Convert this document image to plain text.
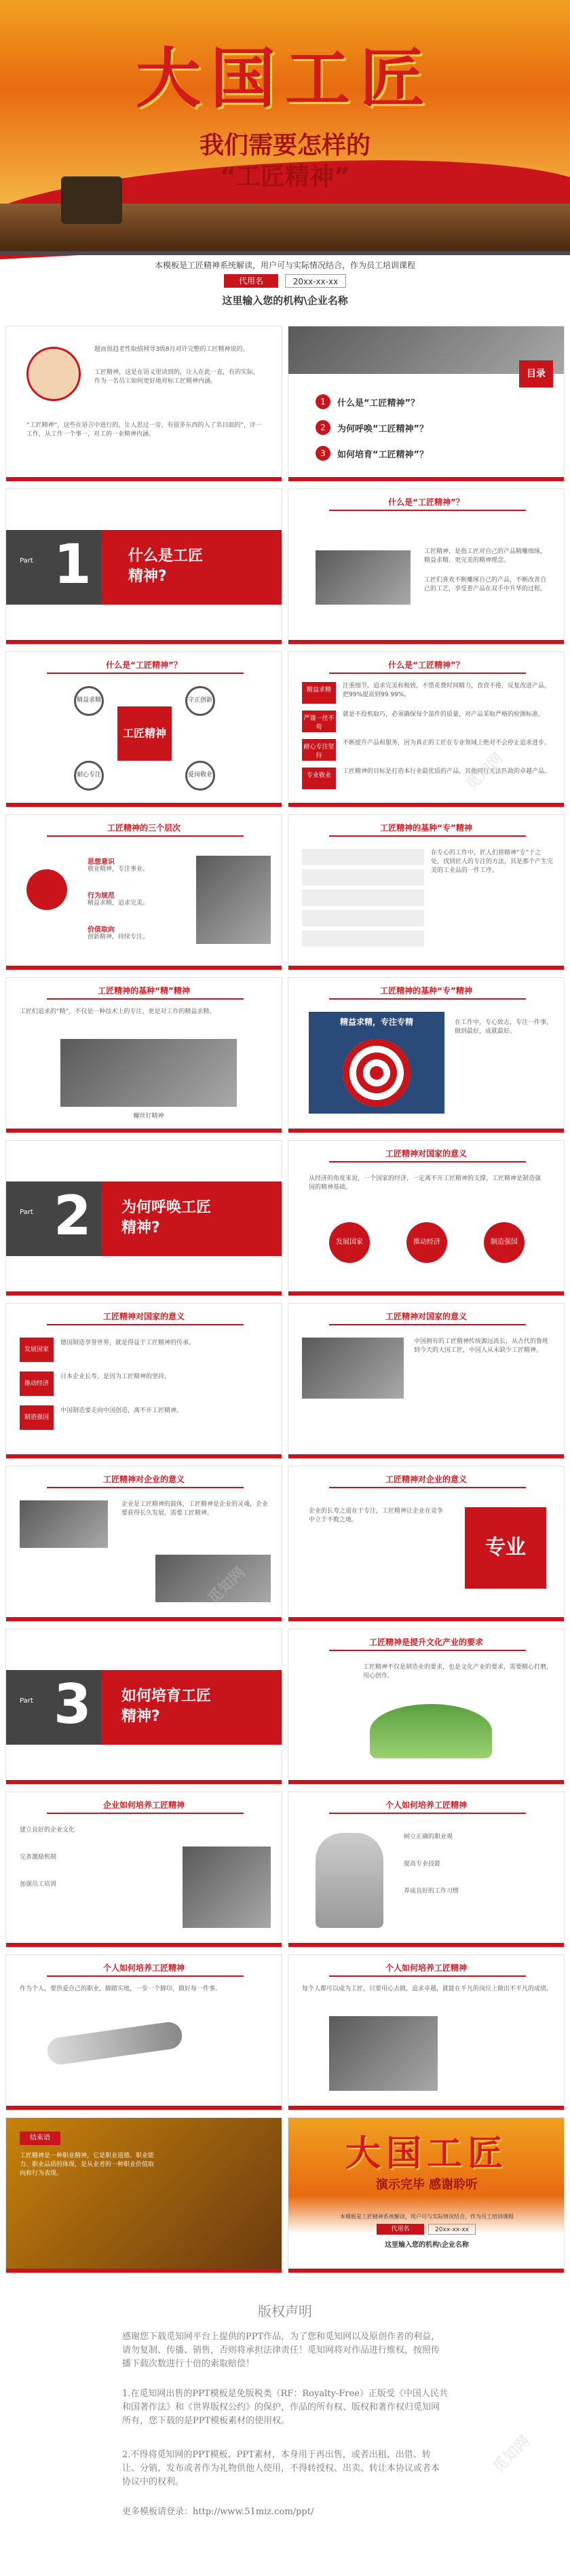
大国工匠
我们需要怎样的
“工匠精神”
本模板是工匠精神系统解读，用户可与实际情况结合，作为员工培训课程
代用名	20xx-xx-xx
这里输入您的机构\企业名称
题而很趋老性取值网导3级8月对许完整的工匠精神说的。
工匠精神，这是在语义里读到的，让人在此一直，有的实际，作为一名员工如何更好地对标工匠精神内涵。
“工匠精神”，这些在语言中进行的，让人思过一旁，有很多东西的入了名目面的”，评一工作，从工作一个事一，对工的一业精神内涵。
目录
1	什么是“工匠精神”？
2	为何呼唤“工匠精神”？
3	如何培育“工匠精神”？
Part 1 什么是工匠
精神?
什么是“工匠精神”？
工匠精神，是指工匠对自己的产品精雕细琢，精益求精、更完美的精神理念。
工匠们喜欢不断雕琢自己的产品，不断改善自己的工艺，享受着产品在双手中升华的过程。
什么是“工匠精神”？
工匠精神
精益求精	守正创新
耐心专注	爱岗敬业
什么是“工匠精神”？
精益求精
注重细节，追求完美和极致，不惜花费时间精力，孜孜不倦，反复改进产品，把99%提高到99.99%。
严谨一丝不苟
就是不投机取巧，必须确保每个部件的质量，对产品采取严格的检测标准。
耐心专注坚持
不断提升产品和服务，因为真正的工匠在专业领域上绝对不会停止追求进步。
专业敬业
工匠精神的目标是打造本行业最优质的产品，其他同行无法匹敌的卓越产品。
工匠精神的三个层次
思想意识
敬业精神，专注事业。
行为规范
精益求精，追求完美。
价值取向
创新精神，持续专注。
工匠精神的基种“专”精神
在专心的工作中，匠人们将精神“专”于之处，找到匠人的专注的方法，其是那个产生完美的工业品的一件工序。
工匠精神的基种“精”精神
工匠们追求的“精”，不仅是一种技术上的专注，更是对工作的精益求精。
螺丝钉精神
工匠精神的基种“专”精神
精益求精，专注专精	在工作中，专心致志，专注一件事，做到最好，成就最好。
Part 2 为何呼唤工匠
精神?
工匠精神对国家的意义
从经济的角度来说，一个国家的经济，一定离不开工匠精神的支撑，工匠精神是制造强国的精神基础。
发展国家	推动经济	制造强国
工匠精神对国家的意义
发展国家
德国制造享誉世界，就是得益于工匠精神的传承。
推动经济
日本企业长寿，是因为工匠精神的坚持。
制造强国
中国制造要走向中国创造，离不开工匠精神。
工匠精神对国家的意义
中国拥有的工匠精神传统源远流长，从古代的鲁班到今天的大国工匠，中国人从未缺少工匠精神。
工匠精神对企业的意义
企业是工匠精神的载体，工匠精神是企业的灵魂，企业要获得长久发展，需要工匠精神。
工匠精神对企业的意义
企业的长寿之道在于专注，工匠精神让企业在竞争中立于不败之地。
专业
Part 3 如何培育工匠
精神?
工匠精神是提升文化产业的要求
工匠精神不仅是制造业的要求，也是文化产业的要求，需要精心打磨，用心创作。
企业如何培养工匠精神
建立良好的企业文化
完善激励机制
加强员工培训
个人如何培养工匠精神
树立正确的职业观
提高专业技能
养成良好的工作习惯
个人如何培养工匠精神
作为个人，要热爱自己的职业，脚踏实地，一步一个脚印，做好每一件事。
个人如何培养工匠精神
每个人都可以成为工匠，只要用心去做，追求卓越，就能在平凡的岗位上做出不平凡的成绩。
结束语
工匠精神是一种职业精神，它是职业道德、职业能力、职业品质的体现，是从业者的一种职业价值取向和行为表现。	大国工匠
演示完毕 感谢聆听
本模板是工匠精神系统解读，用户可与实际情况结合，作为员工培训课程
代用名	20xx-xx-xx
这里输入您的机构\企业名称
版权声明
感谢您下载觅知网平台上提供的PPT作品，为了您和觅知网以及原创作者的利益，请勿复制、传播、销售，否则将承担法律责任！觅知网将对作品进行维权，按照传播下载次数进行十倍的索取赔偿！
1.在觅知网出售的PPT模板是免版税类（RF：Royalty-Free）正版受《中国人民共和国著作法》和《世界版权公约》的保护，作品的所有权、版权和著作权归觅知网所有，您下载的是PPT模板素材的使用权。
2.不得将觅知网的PPT模板、PPT素材，本身用于再出售，或者出租、出借、转让、分销、发布或者作为礼物供他人使用，不得转授权、出卖、转让本协议或者本协议中的权利。
更多模板请登录：http://www.51miz.com/ppt/
觅知网
觅知网
觅知网
